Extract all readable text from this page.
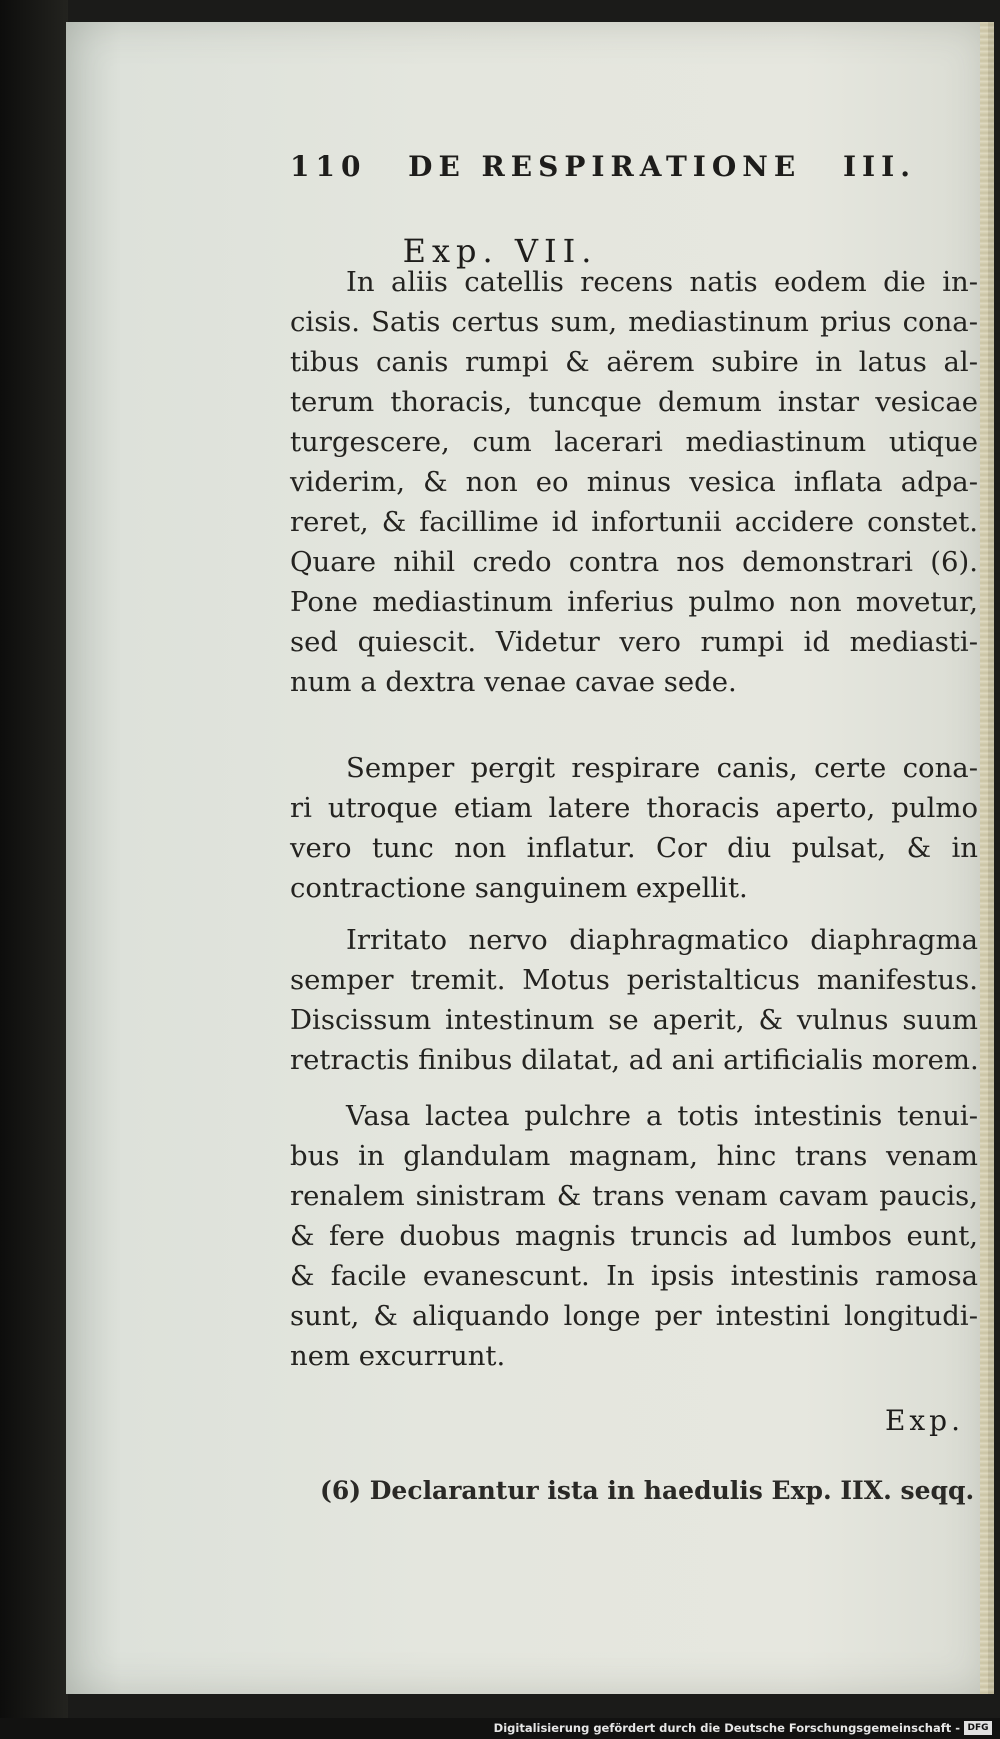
110 DE RESPIRATIONE III.
Exp. VII.
In aliis catellis recens natis eodem die in-
cisis. Satis certus sum, mediastinum prius cona-
tibus canis rumpi & aërem subire in latus al-
terum thoracis, tuncque demum instar vesicae
turgescere, cum lacerari mediastinum utique
viderim, & non eo minus vesica inflata adpa-
reret, & facillime id infortunii accidere constet.
Quare nihil credo contra nos demonstrari (6).
Pone mediastinum inferius pulmo non movetur,
sed quiescit. Videtur vero rumpi id mediasti-
num a dextra venae cavae sede.
Semper pergit respirare canis, certe cona-
ri utroque etiam latere thoracis aperto, pulmo
vero tunc non inflatur. Cor diu pulsat, & in
contractione sanguinem expellit.
Irritato nervo diaphragmatico diaphragma
semper tremit. Motus peristalticus manifestus.
Discissum intestinum se aperit, & vulnus suum
retractis finibus dilatat, ad ani artificialis morem.
Vasa lactea pulchre a totis intestinis tenui-
bus in glandulam magnam, hinc trans venam
renalem sinistram & trans venam cavam paucis,
& fere duobus magnis truncis ad lumbos eunt,
& facile evanescunt. In ipsis intestinis ramosa
sunt, & aliquando longe per intestini longitudi-
nem excurrunt.
Exp.
(6) Declarantur ista in haedulis Exp. IIX. seqq.
Digitalisierung gefördert durch die Deutsche Forschungsgemeinschaft - DFG
